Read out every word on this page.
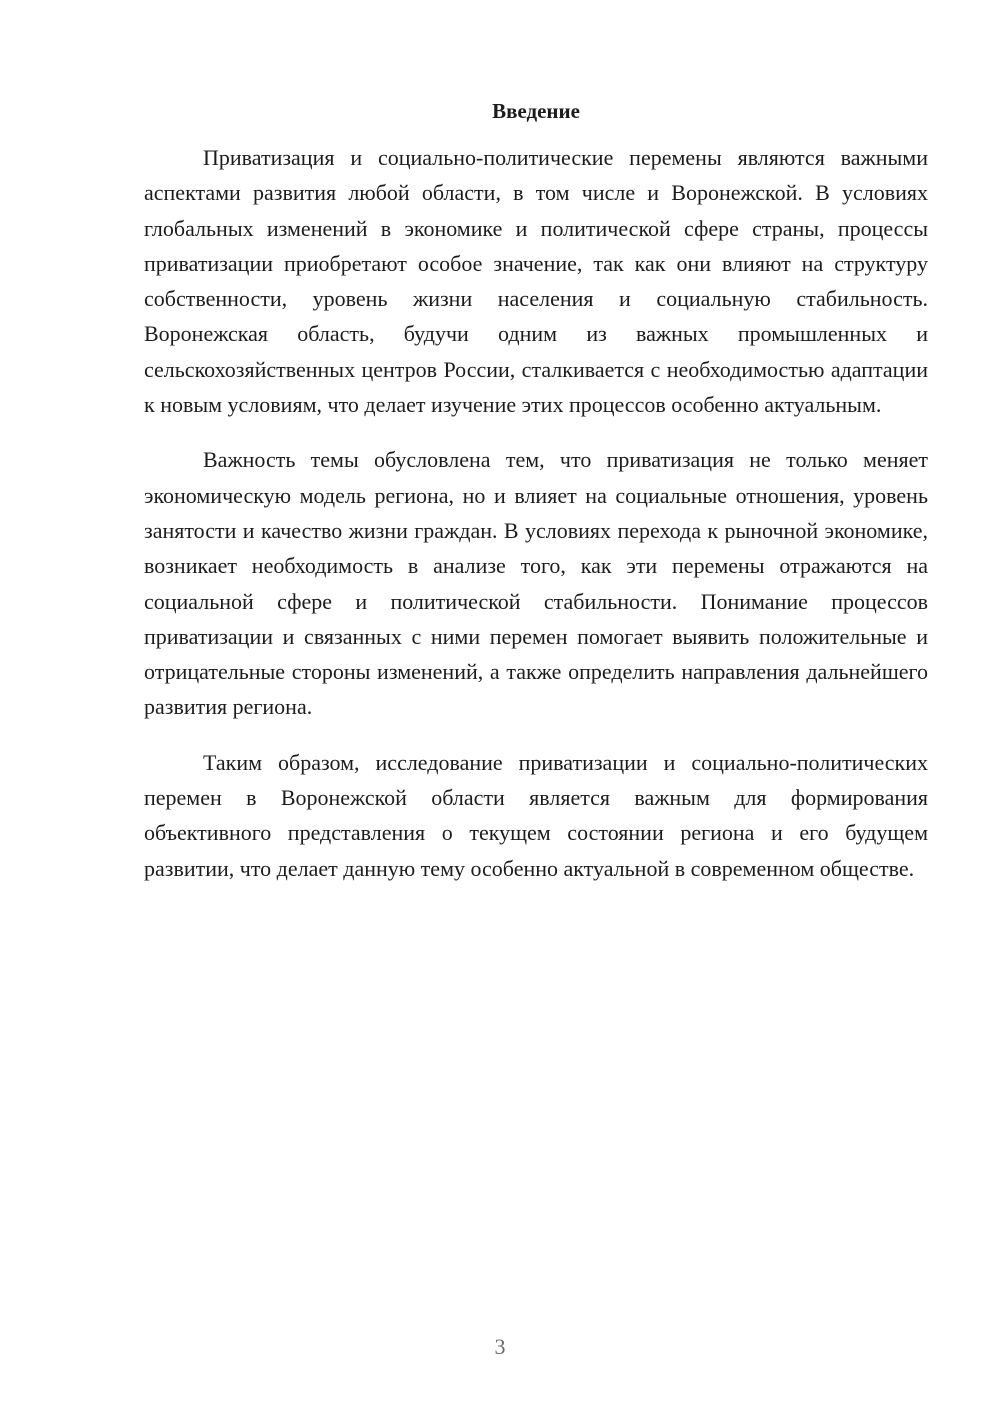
Введение

Приватизация и социально-политические перемены являются важными аспектами развития любой области, в том числе и Воронежской. В условиях глобальных изменений в экономике и политической сфере страны, процессы приватизации приобретают особое значение, так как они влияют на структуру собственности, уровень жизни населения и социальную стабильность. Воронежская область, будучи одним из важных промышленных и сельскохозяйственных центров России, сталкивается с необходимостью адаптации к новым условиям, что делает изучение этих процессов особенно актуальным.

Важность темы обусловлена тем, что приватизация не только меняет экономическую модель региона, но и влияет на социальные отношения, уровень занятости и качество жизни граждан. В условиях перехода к рыночной экономике, возникает необходимость в анализе того, как эти перемены отражаются на социальной сфере и политической стабильности. Понимание процессов приватизации и связанных с ними перемен помогает выявить положительные и отрицательные стороны изменений, а также определить направления дальнейшего развития региона.

Таким образом, исследование приватизации и социально-политических перемен в Воронежской области является важным для формирования объективного представления о текущем состоянии региона и его будущем развитии, что делает данную тему особенно актуальной в современном обществе.

3
